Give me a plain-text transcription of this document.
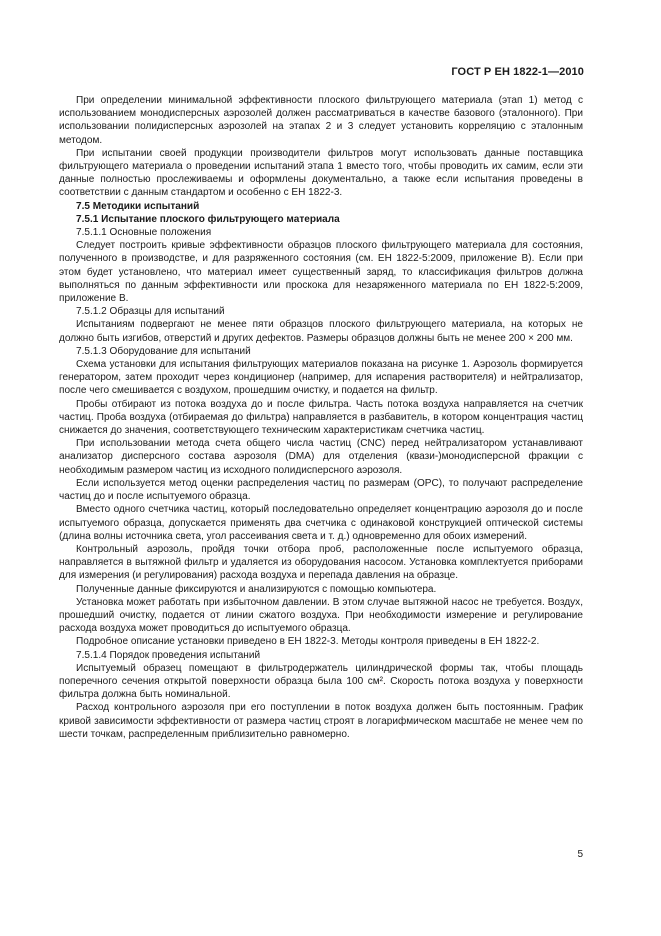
ГОСТ Р ЕН 1822-1—2010

При определении минимальной эффективности плоского фильтрующего материала (этап 1) метод с использованием монодисперсных аэрозолей должен рассматриваться в качестве базового (эталонного). При использовании полидисперсных аэрозолей на этапах 2 и 3 следует установить корреляцию с эталонным методом.

При испытании своей продукции производители фильтров могут использовать данные поставщика фильтрующего материала о проведении испытаний этапа 1 вместо того, чтобы проводить их самим, если эти данные полностью прослеживаемы и оформлены документально, а также если испытания проведены в соответствии с данным стандартом и особенно с ЕН 1822-3.

7.5 Методики испытаний

7.5.1 Испытание плоского фильтрующего материала

7.5.1.1 Основные положения

Следует построить кривые эффективности образцов плоского фильтрующего материала для состояния, полученного в производстве, и для разряженного состояния (см. ЕН 1822-5:2009, приложение В). Если при этом будет установлено, что материал имеет существенный заряд, то классификация фильтров должна выполняться по данным эффективности или проскока для незаряженного материала по ЕН 1822-5:2009, приложение В.

7.5.1.2 Образцы для испытаний

Испытаниям подвергают не менее пяти образцов плоского фильтрующего материала, на которых не должно быть изгибов, отверстий и других дефектов. Размеры образцов должны быть не менее 200 × 200 мм.

7.5.1.3 Оборудование для испытаний

Схема установки для испытания фильтрующих материалов показана на рисунке 1. Аэрозоль формируется генератором, затем проходит через кондиционер (например, для испарения растворителя) и нейтрализатор, после чего смешивается с воздухом, прошедшим очистку, и подается на фильтр.

Пробы отбирают из потока воздуха до и после фильтра. Часть потока воздуха направляется на счетчик частиц. Проба воздуха (отбираемая до фильтра) направляется в разбавитель, в котором концентрация частиц снижается до значения, соответствующего техническим характеристикам счетчика частиц.

При использовании метода счета общего числа частиц (CNC) перед нейтрализатором устанавливают анализатор дисперсного состава аэрозоля (DMA) для отделения (квази-)монодисперсной фракции с необходимым размером частиц из исходного полидисперсного аэрозоля.

Если используется метод оценки распределения частиц по размерам (OPC), то получают распределение частиц до и после испытуемого образца.

Вместо одного счетчика частиц, который последовательно определяет концентрацию аэрозоля до и после испытуемого образца, допускается применять два счетчика с одинаковой конструкцией оптической системы (длина волны источника света, угол рассеивания света и т. д.) одновременно для обоих измерений.

Контрольный аэрозоль, пройдя точки отбора проб, расположенные после испытуемого образца, направляется в вытяжной фильтр и удаляется из оборудования насосом. Установка комплектуется приборами для измерения (и регулирования) расхода воздуха и перепада давления на образце.

Полученные данные фиксируются и анализируются с помощью компьютера.

Установка может работать при избыточном давлении. В этом случае вытяжной насос не требуется. Воздух, прошедший очистку, подается от линии сжатого воздуха. При необходимости измерение и регулирование расхода воздуха может проводиться до испытуемого образца.

Подробное описание установки приведено в ЕН 1822-3. Методы контроля приведены в ЕН 1822-2.

7.5.1.4 Порядок проведения испытаний

Испытуемый образец помещают в фильтродержатель цилиндрической формы так, чтобы площадь поперечного сечения открытой поверхности образца была 100 см². Скорость потока воздуха у поверхности фильтра должна быть номинальной.

Расход контрольного аэрозоля при его поступлении в поток воздуха должен быть постоянным. График кривой зависимости эффективности от размера частиц строят в логарифмическом масштабе не менее чем по шести точкам, распределенным приблизительно равномерно.

5
